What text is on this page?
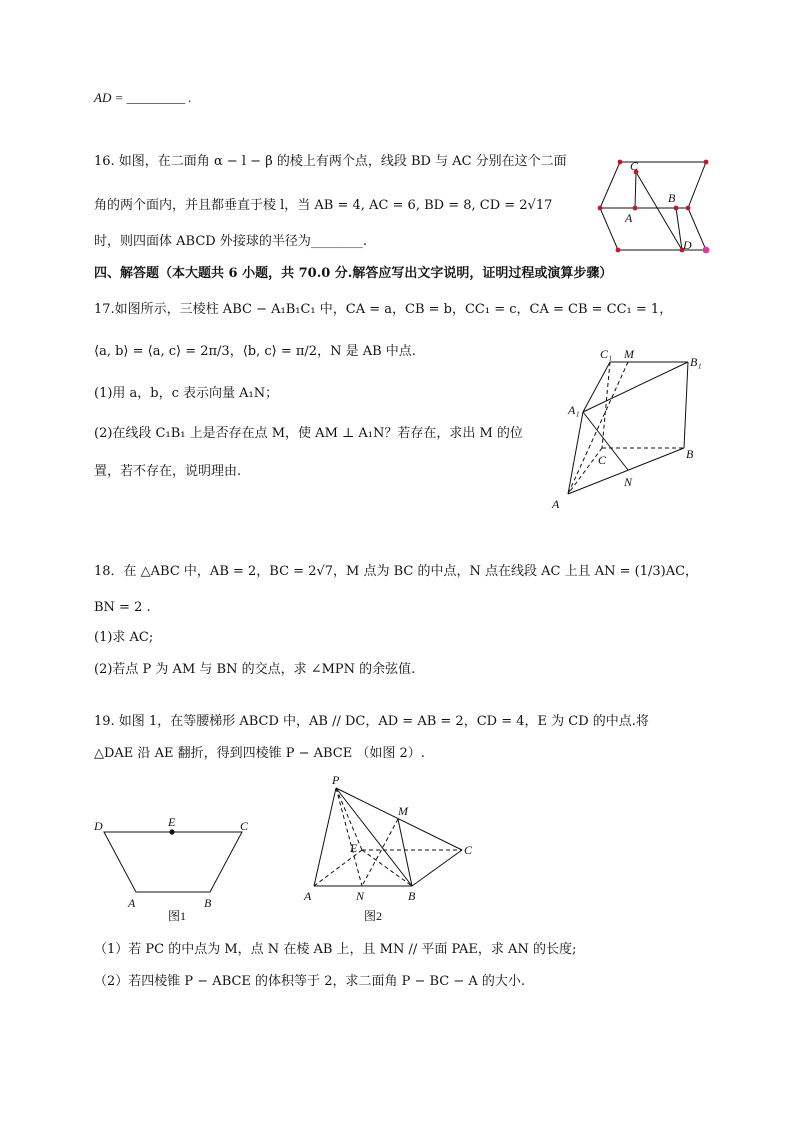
AD = _________ .
16. 如图，在二面角 α − l − β 的棱上有两个点，线段 BD 与 AC 分别在这个二面
角的两个面内，并且都垂直于棱 l，当 AB = 4, AC = 6, BD = 8, CD = 2√17
时，则四面体 ABCD 外接球的半径为________.
C
B
A
D
四、解答题（本大题共 6 小题，共 70.0 分.解答应写出文字说明，证明过程或演算步骤）
17.如图所示，三棱柱 ABC − A₁B₁C₁ 中，CA = a，CB = b，CC₁ = c，CA = CB = CC₁ = 1，
⟨a, b⟩ = ⟨a, c⟩ = 2π/3，⟨b, c⟩ = π/2，N 是 AB 中点.
(1)用 a，b，c 表示向量 A₁N；
(2)在线段 C₁B₁ 上是否存在点 M，使 AM ⊥ A₁N？若存在，求出 M 的位
置，若不存在，说明理由.
C₁ M
B₁
A₁
C	B
N
A
18．在 △ABC 中，AB = 2，BC = 2√7，M 点为 BC 的中点，N 点在线段 AC 上且 AN = (1/3)AC，
BN = 2 .
(1)求 AC;
(2)若点 P 为 AM 与 BN 的交点，求 ∠MPN 的余弦值.
19. 如图 1，在等腰梯形 ABCD 中，AB // DC，AD = AB = 2，CD = 4，E 为 CD 的中点.将
△DAE 沿 AE 翻折，得到四棱锥 P − ABCE （如图 2）.
D	E	C
A	B
图1
P
M
E	C
A	N	B
图2
（1）若 PC 的中点为 M，点 N 在棱 AB 上，且 MN // 平面 PAE，求 AN 的长度;
（2）若四棱锥 P − ABCE 的体积等于 2，求二面角 P − BC − A 的大小.
